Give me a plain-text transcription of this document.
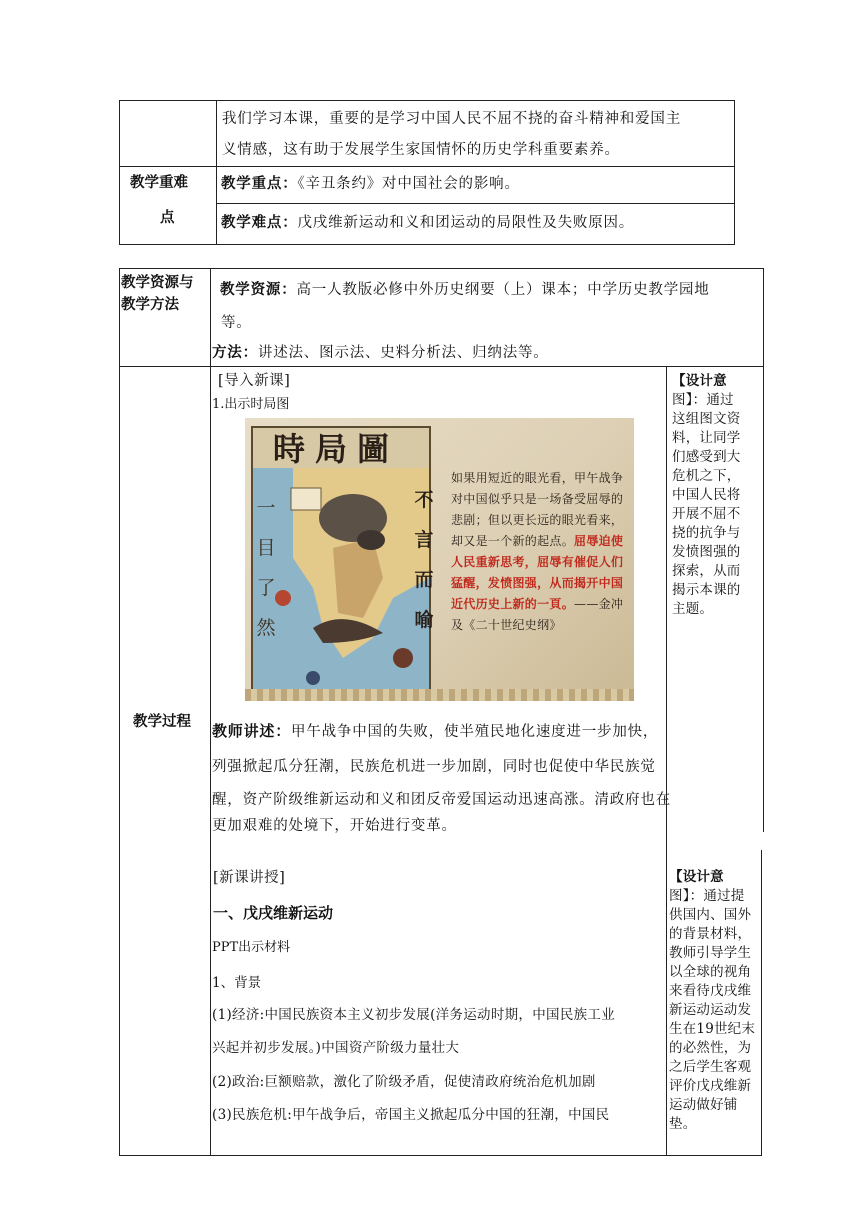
我们学习本课，重要的是学习中国人民不屈不挠的奋斗精神和爱国主
义情感，这有助于发展学生家国情怀的历史学科重要素养。
教学重难
点
教学重点：《辛丑条约》对中国社会的影响。
教学难点：戊戌维新运动和义和团运动的局限性及失败原因。
教学资源与
教学方法
教学资源：高一人教版必修中外历史纲要（上）课本；中学历史教学园地
等。
方法：讲述法、图示法、史料分析法、归纳法等。
教学过程
[导入新课]
1.出示时局图
時局圖
一
目
了
然
不
言
而
喻
如果用短近的眼光看，甲午战争对中国似乎只是一场备受屈辱的悲剧；但以更长远的眼光看来，却又是一个新的起点。屈辱迫使人民重新思考，屈辱有催促人们猛醒，发愤图强，从而揭开中国近代历史上新的一頁。——金冲及《二十世纪史纲》
教师讲述：甲午战争中国的失败，使半殖民地化速度进一步加快，
列强掀起瓜分狂潮，民族危机进一步加剧，同时也促使中华民族觉
醒，资产阶级维新运动和义和团反帝爱国运动迅速高涨。清政府也在
更加艰难的处境下，开始进行变革。
[新课讲授]
一、戊戌维新运动
PPT出示材料
1、背景
(1)经济:中国民族资本主义初步发展(洋务运动时期，中国民族工业
兴起并初步发展。)中国资产阶级力量壮大
(2)政治:巨额赔款，激化了阶级矛盾，促使清政府统治危机加剧
(3)民族危机:甲午战争后，帝国主义掀起瓜分中国的狂潮，中国民
【设计意
图】：通过
这组图文资
料，让同学
们感受到大
危机之下，
中国人民将
开展不屈不
挠的抗争与
发愤图强的
探索，从而
揭示本课的
主题。
【设计意
图】：通过提
供国内、国外
的背景材料，
教师引导学生
以全球的视角
来看待戊戌维
新运动运动发
生在19世纪末
的必然性，为
之后学生客观
评价戊戌维新
运动做好铺
垫。
